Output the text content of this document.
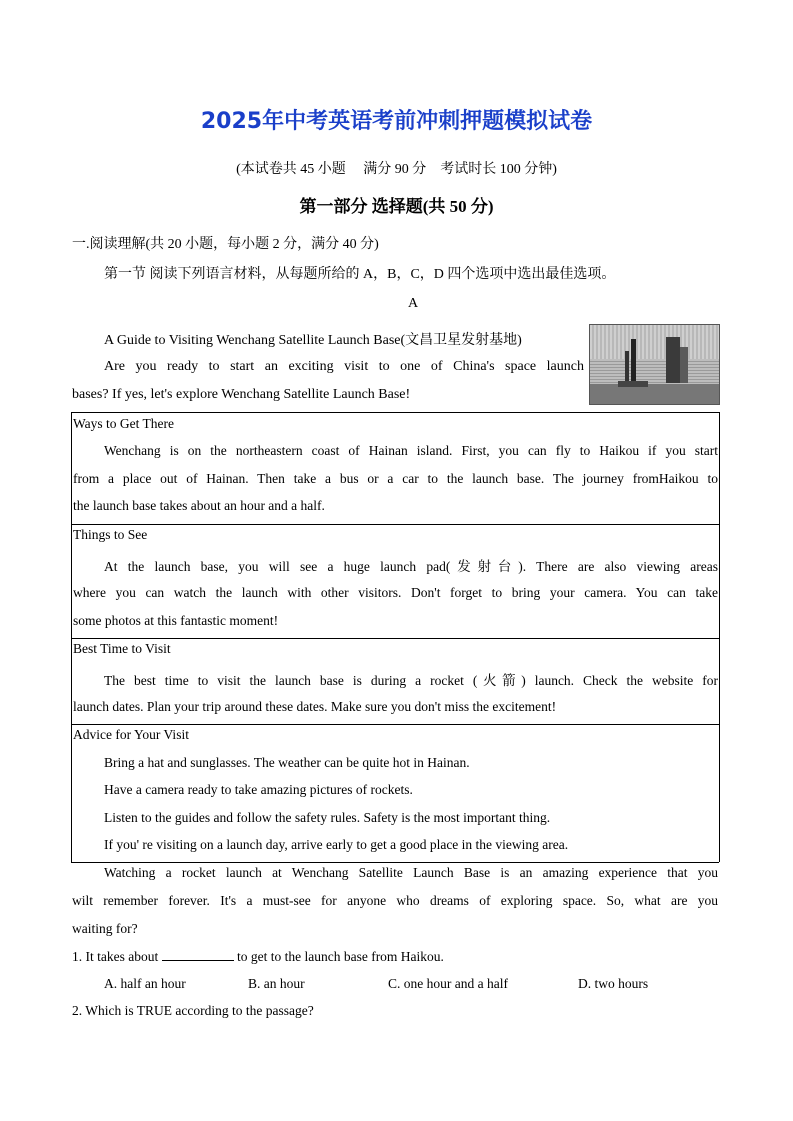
2025年中考英语考前冲刺押题模拟试卷
(本试卷共 45 小题　 满分 90 分　考试时长 100 分钟)
第一部分 选择题(共 50 分)
一.阅读理解(共 20 小题，每小题 2 分，满分 40 分)
第一节 阅读下列语言材料，从每题所给的 A，B，C，D 四个选项中选出最佳选项。
A
A Guide to Visiting Wenchang Satellite Launch Base(文昌卫星发射基地)
Are you ready to start an exciting visit to one of China's space launch
bases? If yes, let's explore Wenchang Satellite Launch Base!
Ways to Get There
Wenchang is on the northeastern coast of Hainan island. First, you can fly to Haikou if you start
from a place out of Hainan. Then take a bus or a car to the launch base. The journey fromHaikou to
the launch base takes about an hour and a half.
Things to See
At the launch base, you will see a huge launch pad(发射台). There are also viewing areas
where you can watch the launch with other visitors. Don't forget to bring your camera. You can take
some photos at this fantastic moment!
Best Time to Visit
The best time to visit the launch base is during a rocket (火箭) launch. Check the website for
launch dates. Plan your trip around these dates. Make sure you don't miss the excitement!
Advice for Your Visit
Bring a hat and sunglasses. The weather can be quite hot in Hainan.
Have a camera ready to take amazing pictures of rockets.
Listen to the guides and follow the safety rules. Safety is the most important thing.
If you' re visiting on a launch day, arrive early to get a good place in the viewing area.
Watching a rocket launch at Wenchang Satellite Launch Base is an amazing experience that you
wilt remember forever. It's a must-see for anyone who dreams of exploring space. So, what are you
waiting for?
1. It takes about	to get to the launch base from Haikou.
A. half an hour	B. an hour	C. one hour and a half	D. two hours
2. Which is TRUE according to the passage?
